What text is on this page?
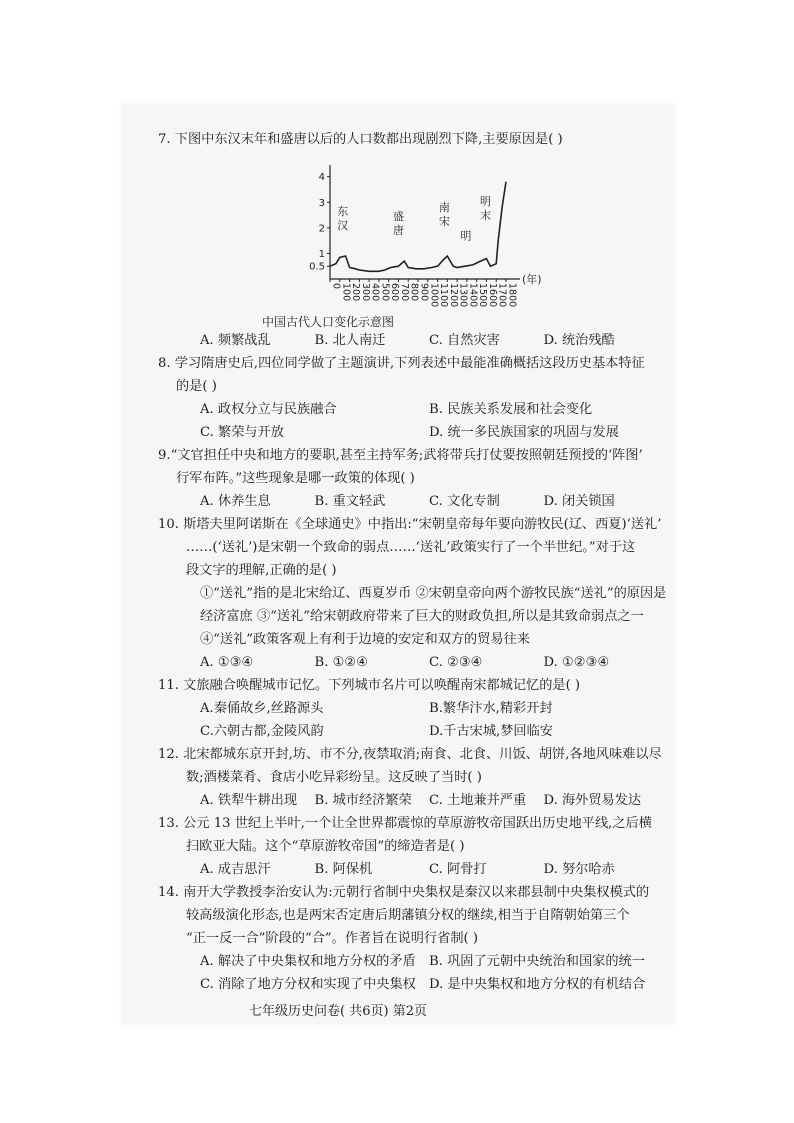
7. 下图中东汉末年和盛唐以后的人口数都出现剧烈下降,主要原因是( )
0.5
1
2
3
4
0
100
200
300
400
500
600
700
800
900
1000
1100
1200
1300
1400
1500
1600
1700
1800
(年)
东汉
盛唐
南宋
明
明末
中国古代人口变化示意图
A. 频繁战乱	B. 北人南迁	C. 自然灾害	D. 统治残酷
8. 学习隋唐史后,四位同学做了主题演讲,下列表述中最能准确概括这段历史基本特征
的是( )
A. 政权分立与民族融合	B. 民族关系发展和社会变化
C. 繁荣与开放	D. 统一多民族国家的巩固与发展
9.“文官担任中央和地方的要职,甚至主持军务;武将带兵打仗要按照朝廷预授的‘阵图’
行军布阵。”这些现象是哪一政策的体现( )
A. 休养生息	B. 重文轻武	C. 文化专制	D. 闭关锁国
10. 斯塔夫里阿诺斯在《全球通史》中指出:“宋朝皇帝每年要向游牧民(辽、西夏)‘送礼’
……(‘送礼’)是宋朝一个致命的弱点……‘送礼’政策实行了一个半世纪。”对于这
段文字的理解,正确的是( )
①“送礼”指的是北宋给辽、西夏岁币 ②宋朝皇帝向两个游牧民族“送礼”的原因是
经济富庶 ③“送礼”给宋朝政府带来了巨大的财政负担,所以是其致命弱点之一
④“送礼”政策客观上有利于边境的安定和双方的贸易往来
A. ①③④	B. ①②④	C. ②③④	D. ①②③④
11. 文旅融合唤醒城市记忆。下列城市名片可以唤醒南宋都城记忆的是( )
A.秦俑故乡,丝路源头	B.繁华汴水,精彩开封
C.六朝古都,金陵风韵	D.千古宋城,梦回临安
12. 北宋都城东京开封,坊、市不分,夜禁取消;南食、北食、川饭、胡饼,各地风味难以尽
数;酒楼菜肴、食店小吃异彩纷呈。这反映了当时( )
A. 铁犁牛耕出现	B. 城市经济繁荣	C. 土地兼并严重	D. 海外贸易发达
13. 公元 13 世纪上半叶,一个让全世界都震惊的草原游牧帝国跃出历史地平线,之后横
扫欧亚大陆。这个“草原游牧帝国”的缔造者是( )
A. 成吉思汗	B. 阿保机	C. 阿骨打	D. 努尔哈赤
14. 南开大学教授李治安认为:元朝行省制中央集权是秦汉以来郡县制中央集权模式的
较高级演化形态,也是两宋否定唐后期藩镇分权的继续,相当于自隋朝始第三个
“正一反一合”阶段的“合”。作者旨在说明行省制( )
A. 解决了中央集权和地方分权的矛盾	B. 巩固了元朝中央统治和国家的统一
C. 消除了地方分权和实现了中央集权 D. 是中央集权和地方分权的有机结合
七年级历史问卷( 共6页) 第2页
